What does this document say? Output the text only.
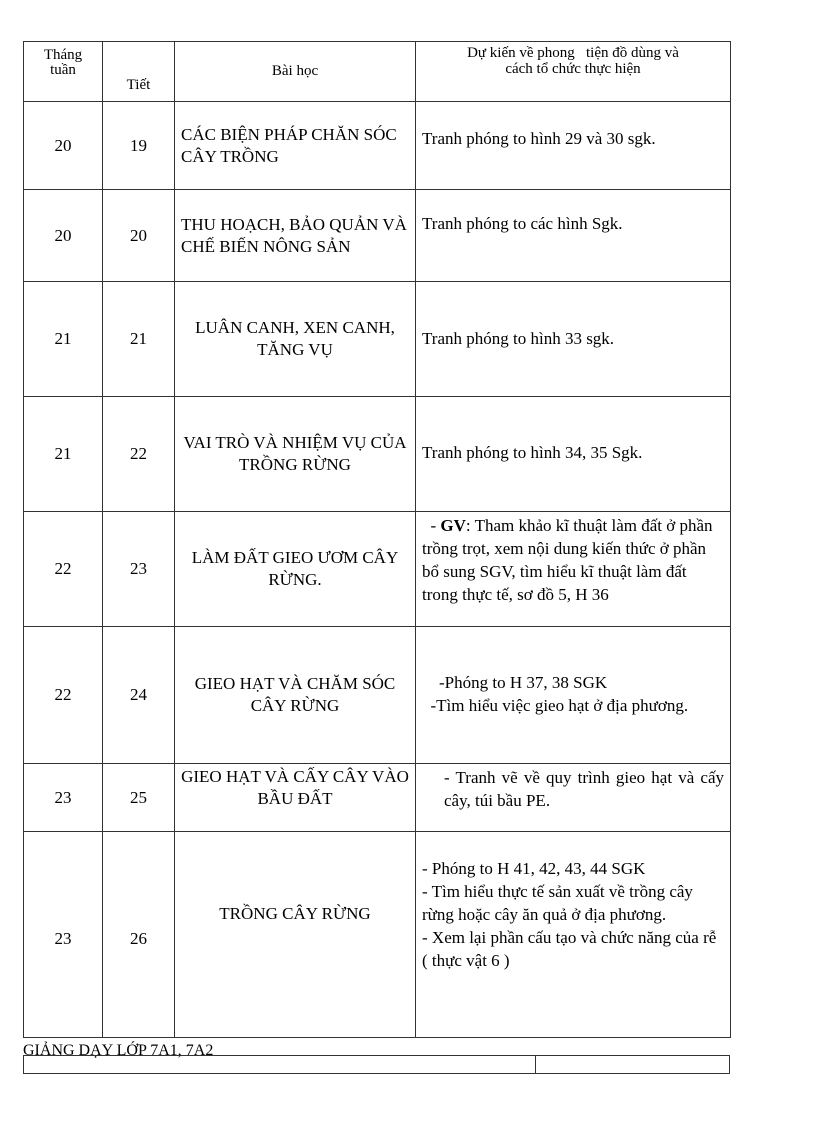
Tháng
tuần	Tiết	Bài học	Dự kiến về phong   tiện đồ dùng và
cách tổ chức thực hiện

20	19	CÁC BIỆN PHÁP CHĂN SÓC CÂY TRỒNG	Tranh phóng to hình 29 và 30 sgk.

20	20	THU HOẠCH, BẢO QUẢN VÀ CHẾ BIẾN NÔNG SẢN	Tranh phóng to các hình Sgk.

21	21	LUÂN CANH, XEN CANH, TĂNG VỤ	Tranh phóng to hình 33 sgk.

21	22	VAI TRÒ VÀ NHIỆM VỤ CỦA TRỒNG RỪNG	Tranh phóng to hình 34, 35 Sgk.

22	23	LÀM ĐẤT GIEO ƯƠM CÂY RỪNG.	- GV: Tham khảo kĩ thuật làm đất ở phần trồng trọt, xem nội dung kiến thức ở phần  bổ sung SGV, tìm hiểu kĩ thuật làm đất trong thực tế, sơ đồ 5, H 36

22	24	GIEO HẠT VÀ CHĂM SÓC CÂY RỪNG	-Phóng to H 37, 38 SGK
-Tìm hiểu việc gieo hạt ở địa phương.

23	25	GIEO HẠT VÀ CẤY CÂY VÀO BẦU ĐẤT	- Tranh vẽ về quy trình gieo hạt và cấy cây, túi bầu PE.

23	26	TRỒNG CÂY RỪNG	- Phóng to H 41, 42, 43, 44 SGK
- Tìm hiểu thực tế sản xuất về trồng cây rừng hoặc cây ăn quả ở địa phương.
- Xem lại phần cấu tạo và chức năng của rễ ( thực vật 6 )
GIẢNG DẠY LỚP 7A1, 7A2
